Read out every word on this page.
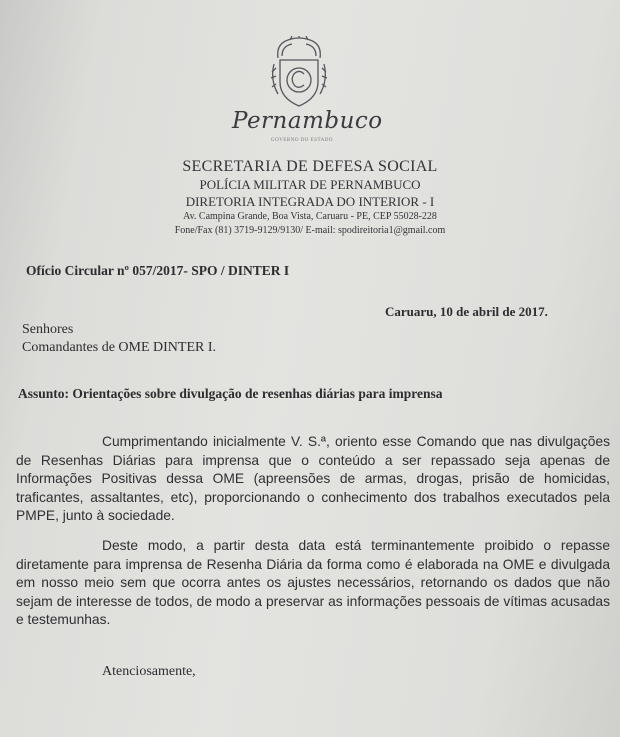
Pernambuco
GOVERNO DO ESTADO
SECRETARIA DE DEFESA SOCIAL
POLÍCIA MILITAR DE PERNAMBUCO
DIRETORIA INTEGRADA DO INTERIOR - I
Av. Campina Grande, Boa Vista, Caruaru - PE, CEP 55028-228
Fone/Fax (81) 3719-9129/9130/ E-mail: spodireitoria1@gmail.com
Ofício Circular nº 057/2017- SPO / DINTER I
Caruaru, 10 de abril de 2017.
Senhores
Comandantes de OME DINTER I.
Assunto: Orientações sobre divulgação de resenhas diárias para imprensa
Cumprimentando inicialmente V. S.ª, oriento esse Comando que nas divulgações de Resenhas Diárias para imprensa que o conteúdo a ser repassado seja apenas de Informações Positivas dessa OME (apreensões de armas, drogas, prisão de homicidas, traficantes, assaltantes, etc), proporcionando o conhecimento dos trabalhos executados pela PMPE, junto à sociedade.
Deste modo, a partir desta data está terminantemente proibido o repasse diretamente para imprensa de Resenha Diária da forma como é elaborada na OME e divulgada em nosso meio sem que ocorra antes os ajustes necessários, retornando os dados que não sejam de interesse de todos, de modo a preservar as informações pessoais de vítimas acusadas e testemunhas.
Atenciosamente,
